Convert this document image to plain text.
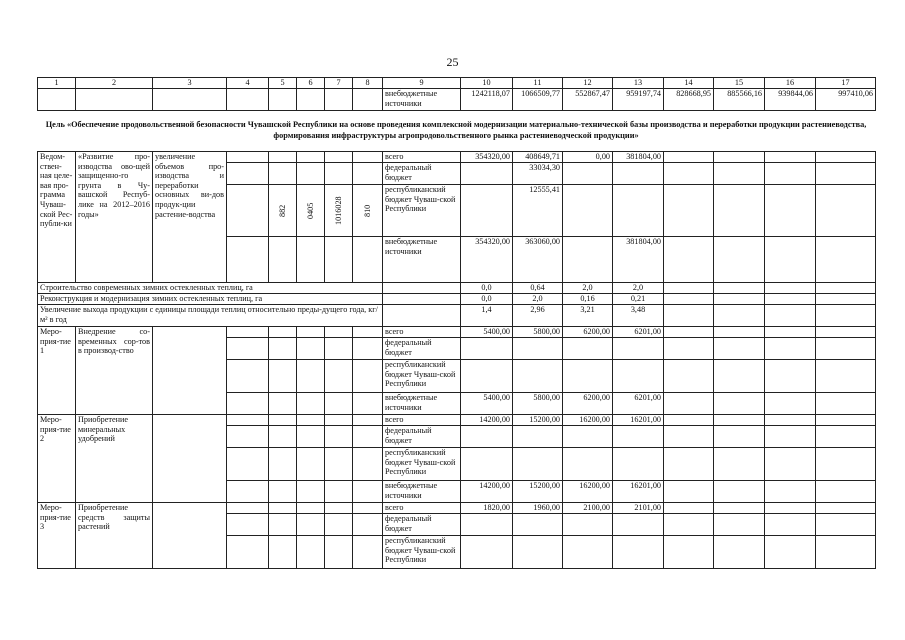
25
1	2	3	4	5	6	7	8	9	10	11	12	13	14	15	16	17
								внебюджетные источники	1242118,07	1066509,77	552867,47	959197,74	828668,95	885566,16	939844,06	997410,06
Цель «Обеспечение продовольственной безопасности Чувашской Республики на основе проведения комплексной модернизации материально-технической базы производства и переработки продукции растениеводства, формирования инфраструктуры агропродовольственного рынка растениеводческой продукции»
Ведом-ствен-ная целе-вая про-грамма Чуваш-ской Рес-публи-ки	«Развитие про-изводства ово-щей защищенно-го грунта в Чу-вашской Респуб-лике на 2012–2016 годы»	увеличение объемов про-изводства и переработки основных ви-дов продук-ции растение-водства						всего	354320,00	408649,71	0,00	381804,00				
								федеральный бюджет		33034,30						
				882	0405	1016028	810	республиканский бюджет Чуваш-ской Республики		12555,41						
								внебюджетные источники	354320,00	363060,00		381804,00				
Строительство современных зимних остекленных теплиц, га									0,0	0,64	2,0	2,0				
Реконструкция и модернизация зимних остекленных теплиц, га									0,0	2,0	0,16	0,21				
Увеличение выхода продукции с единицы площади теплиц относительно преды-дущего года, кг/м² в год									1,4	2,96	3,21	3,48				
Меро-прия-тие 1	Внедрение со-временных сор-тов в производ-ство							всего	5400,00	5800,00	6200,00	6201,00				
								федеральный бюджет								
								республиканский бюджет Чуваш-ской Республики								
								внебюджетные источники	5400,00	5800,00	6200,00	6201,00				
Меро-прия-тие 2	Приобретение минеральных удобрений							всего	14200,00	15200,00	16200,00	16201,00				
								федеральный бюджет								
								республиканский бюджет Чуваш-ской Республики								
								внебюджетные источники	14200,00	15200,00	16200,00	16201,00				
Меро-прия-тие 3	Приобретение средств защиты растений							всего	1820,00	1960,00	2100,00	2101,00				
								федеральный бюджет								
								республиканский бюджет Чуваш-ской Республики								
